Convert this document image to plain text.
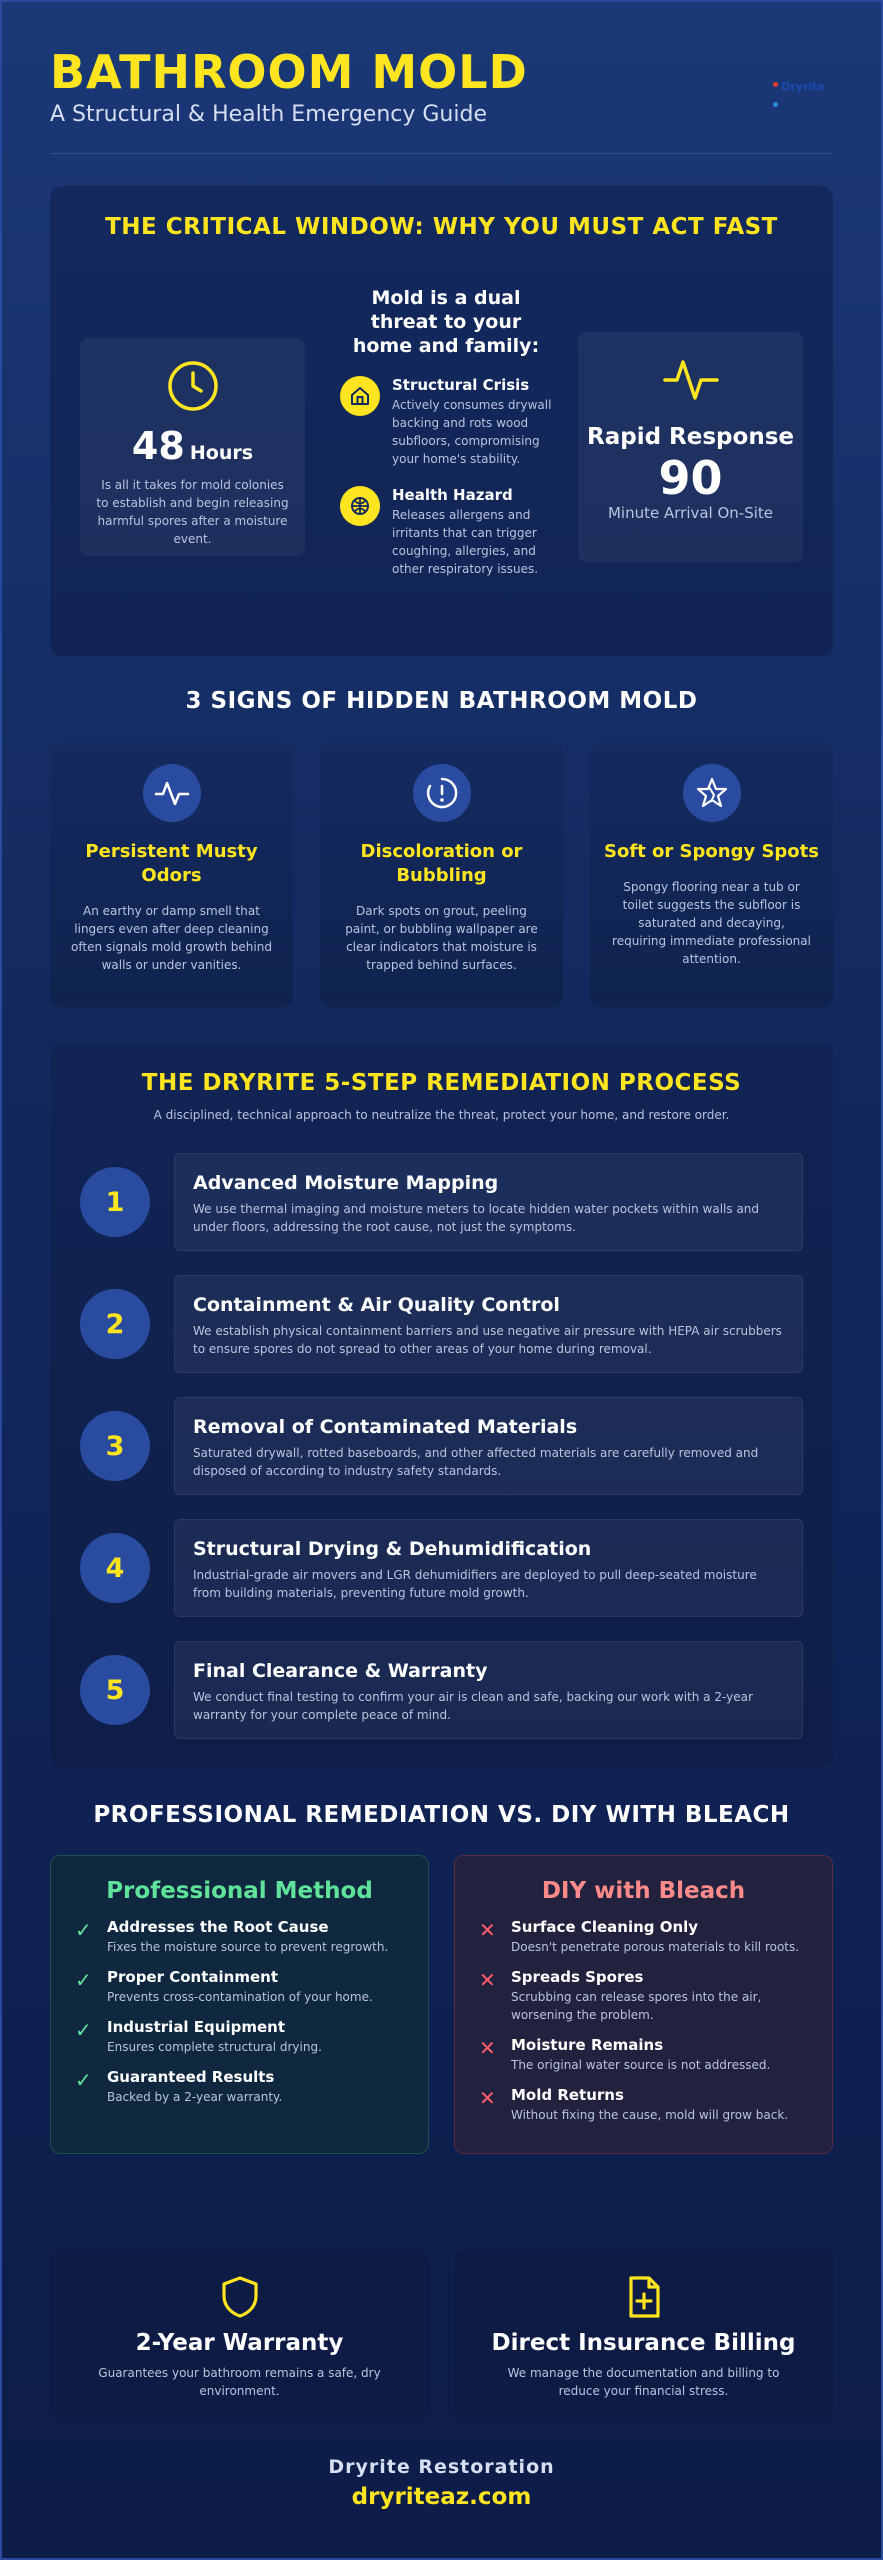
BATHROOM MOLD
A Structural & Health Emergency Guide
Dryrite
THE CRITICAL WINDOW: WHY YOU MUST ACT FAST
48 Hours
Is all it takes for mold colonies to establish and begin releasing harmful spores after a moisture event.
Mold is a dual threat to your home and family:
Structural Crisis
Actively consumes drywall backing and rots wood subfloors, compromising your home's stability.
Health Hazard
Releases allergens and irritants that can trigger coughing, allergies, and other respiratory issues.
Rapid Response
90
Minute Arrival On-Site
3 SIGNS OF HIDDEN BATHROOM MOLD
Persistent Musty Odors
An earthy or damp smell that lingers even after deep cleaning often signals mold growth behind walls or under vanities.
Discoloration or Bubbling
Dark spots on grout, peeling paint, or bubbling wallpaper are clear indicators that moisture is trapped behind surfaces.
Soft or Spongy Spots
Spongy flooring near a tub or toilet suggests the subfloor is saturated and decaying, requiring immediate professional attention.
THE DRYRITE 5-STEP REMEDIATION PROCESS
A disciplined, technical approach to neutralize the threat, protect your home, and restore order.
1
Advanced Moisture Mapping
We use thermal imaging and moisture meters to locate hidden water pockets within walls and under floors, addressing the root cause, not just the symptoms.
2
Containment & Air Quality Control
We establish physical containment barriers and use negative air pressure with HEPA air scrubbers to ensure spores do not spread to other areas of your home during removal.
3
Removal of Contaminated Materials
Saturated drywall, rotted baseboards, and other affected materials are carefully removed and disposed of according to industry safety standards.
4
Structural Drying & Dehumidification
Industrial-grade air movers and LGR dehumidifiers are deployed to pull deep-seated moisture from building materials, preventing future mold growth.
5
Final Clearance & Warranty
We conduct final testing to confirm your air is clean and safe, backing our work with a 2-year warranty for your complete peace of mind.
PROFESSIONAL REMEDIATION VS. DIY WITH BLEACH
Professional Method
✓ Addresses the Root Cause
Fixes the moisture source to prevent regrowth.
✓ Proper Containment
Prevents cross-contamination of your home.
✓ Industrial Equipment
Ensures complete structural drying.
✓ Guaranteed Results
Backed by a 2-year warranty.
DIY with Bleach
✕ Surface Cleaning Only
Doesn't penetrate porous materials to kill roots.
✕ Spreads Spores
Scrubbing can release spores into the air, worsening the problem.
✕ Moisture Remains
The original water source is not addressed.
✕ Mold Returns
Without fixing the cause, mold will grow back.
2-Year Warranty
Guarantees your bathroom remains a safe, dry environment.
Direct Insurance Billing
We manage the documentation and billing to reduce your financial stress.
Dryrite Restoration
dryriteaz.com
